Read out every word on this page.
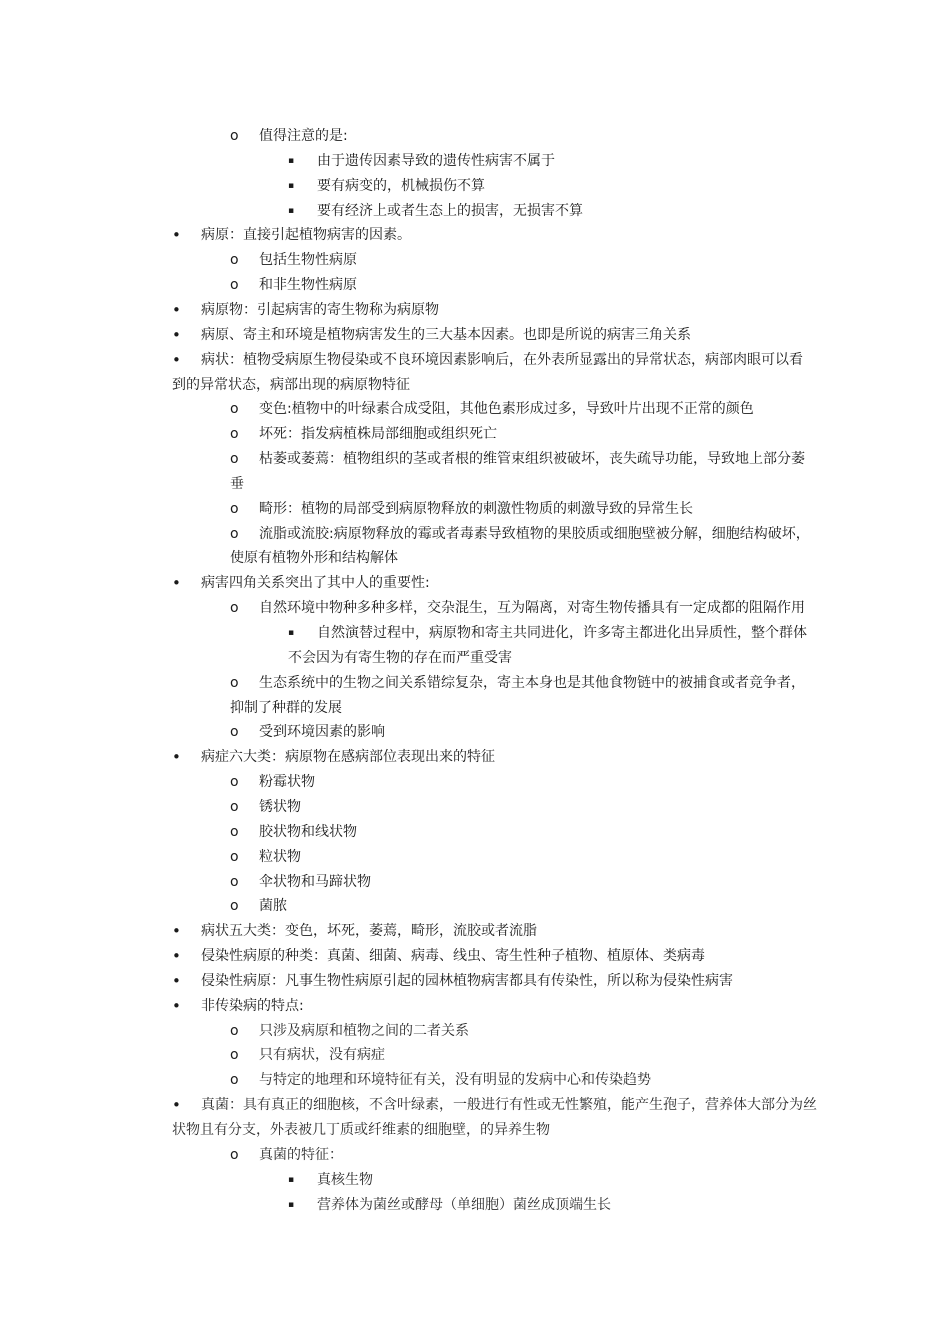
o 值得注意的是:
▪ 由于遗传因素导致的遗传性病害不属于
▪ 要有病变的，机械损伤不算
▪ 要有经济上或者生态上的损害，无损害不算
• 病原：直接引起植物病害的因素。
o 包括生物性病原
o 和非生物性病原
• 病原物：引起病害的寄生物称为病原物
• 病原、寄主和环境是植物病害发生的三大基本因素。也即是所说的病害三角关系
• 病状：植物受病原生物侵染或不良环境因素影响后，在外表所显露出的异常状态，病部肉眼可以看
到的异常状态，病部出现的病原物特征
o 变色:植物中的叶绿素合成受阻，其他色素形成过多，导致叶片出现不正常的颜色
o 坏死：指发病植株局部细胞或组织死亡
o 枯萎或萎蔫：植物组织的茎或者根的维管束组织被破坏，丧失疏导功能，导致地上部分萎
垂
o 畸形：植物的局部受到病原物释放的刺激性物质的刺激导致的异常生长
o 流脂或流胶:病原物释放的霉或者毒素导致植物的果胶质或细胞壁被分解，细胞结构破坏，
使原有植物外形和结构解体
• 病害四角关系突出了其中人的重要性:
o 自然环境中物种多种多样，交杂混生，互为隔离，对寄生物传播具有一定成都的阻隔作用
▪ 自然演替过程中，病原物和寄主共同进化，许多寄主都进化出异质性，整个群体
不会因为有寄生物的存在而严重受害
o 生态系统中的生物之间关系错综复杂，寄主本身也是其他食物链中的被捕食或者竞争者，
抑制了种群的发展
o 受到环境因素的影响
• 病症六大类：病原物在感病部位表现出来的特征
o 粉霉状物
o 锈状物
o 胶状物和线状物
o 粒状物
o 伞状物和马蹄状物
o 菌脓
• 病状五大类：变色，坏死，萎蔫，畸形，流胶或者流脂
• 侵染性病原的种类：真菌、细菌、病毒、线虫、寄生性种子植物、植原体、类病毒
• 侵染性病原：凡事生物性病原引起的园林植物病害都具有传染性，所以称为侵染性病害
• 非传染病的特点:
o 只涉及病原和植物之间的二者关系
o 只有病状，没有病症
o 与特定的地理和环境特征有关，没有明显的发病中心和传染趋势
• 真菌：具有真正的细胞核，不含叶绿素，一般进行有性或无性繁殖，能产生孢子，营养体大部分为丝
状物且有分支，外表被几丁质或纤维素的细胞壁，的异养生物
o 真菌的特征：
▪ 真核生物
▪ 营养体为菌丝或酵母（单细胞）菌丝成顶端生长
